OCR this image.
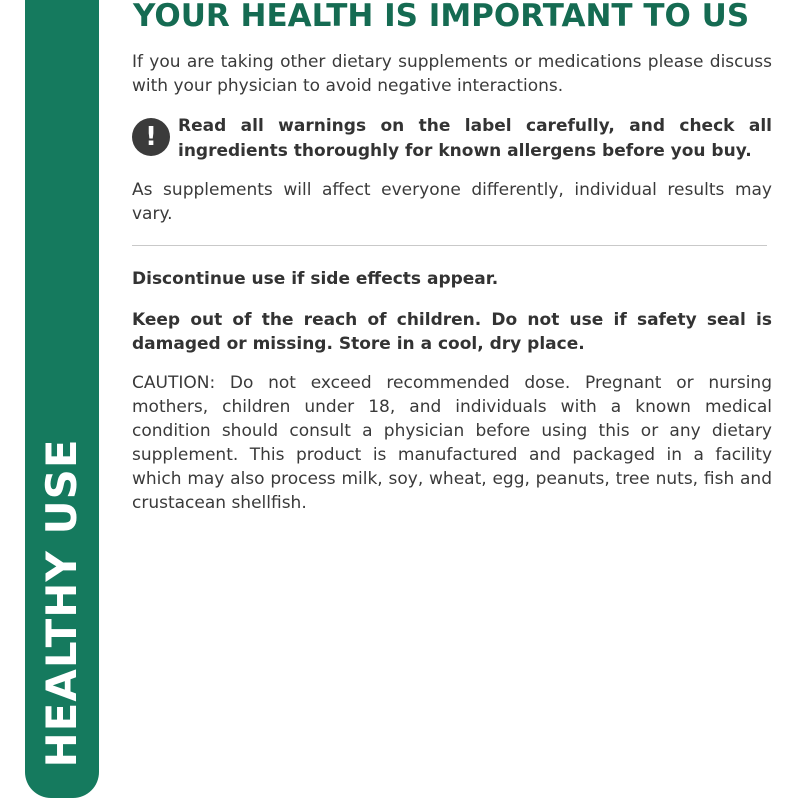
HEALTHY USE
YOUR HEALTH IS IMPORTANT TO US

If you are taking other dietary supplements or medications please discuss with your physician to avoid negative interactions.

!	Read all warnings on the label carefully, and check all ingredients thoroughly for known allergens before you buy.

As supplements will affect everyone differently, individual results may vary.

Discontinue use if side effects appear.

Keep out of the reach of children. Do not use if safety seal is damaged or missing. Store in a cool, dry place.

CAUTION: Do not exceed recommended dose. Pregnant or nursing mothers, children under 18, and individuals with a known medical condition should consult a physician before using this or any dietary supplement. This product is manufactured and packaged in a facility which may also process milk, soy, wheat, egg, peanuts, tree nuts, fish and crustacean shellfish.
